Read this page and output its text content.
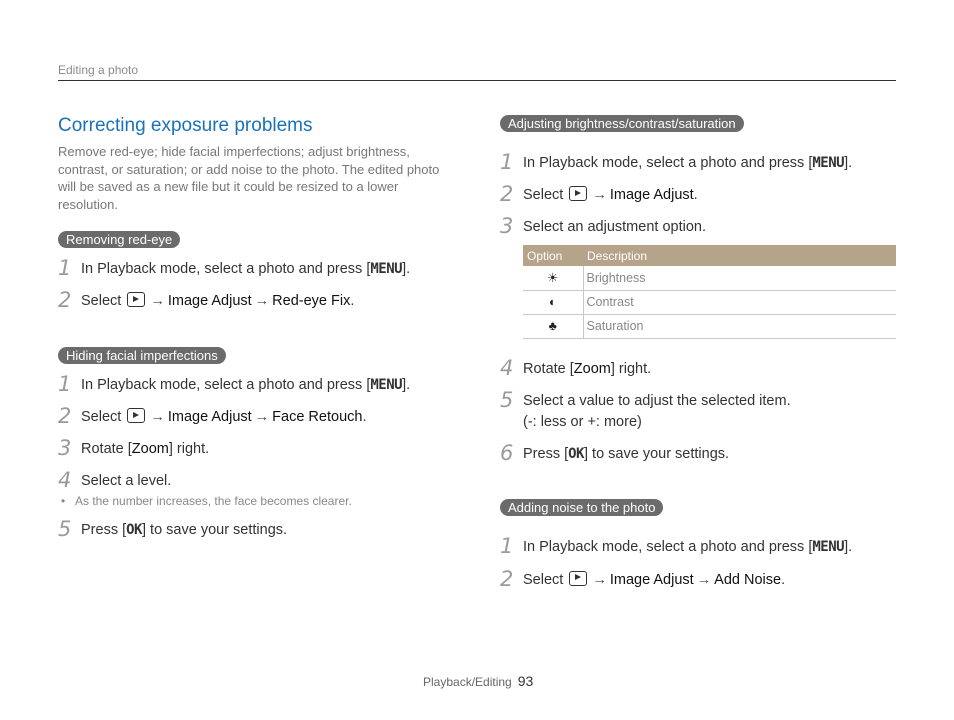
Editing a photo
Correcting exposure problems
Remove red-eye; hide facial imperfections; adjust brightness, contrast, or saturation; or add noise to the photo. The edited photo will be saved as a new file but it could be resized to a lower resolution.
Removing red-eye
1 In Playback mode, select a photo and press [MENU].
2 Select → Image Adjust → Red-eye Fix.
Hiding facial imperfections
1 In Playback mode, select a photo and press [MENU].
2 Select → Image Adjust → Face Retouch.
3 Rotate [Zoom] right.
4 Select a level.
• As the number increases, the face becomes clearer.
5 Press [OK] to save your settings.
Adjusting brightness/contrast/saturation
1 In Playback mode, select a photo and press [MENU].
2 Select → Image Adjust.
3 Select an adjustment option.
Option	Description
☀	Brightness
◐	Contrast
♣	Saturation
4 Rotate [Zoom] right.
5 Select a value to adjust the selected item.
(-: less or +: more)
6 Press [OK] to save your settings.
Adding noise to the photo
1 In Playback mode, select a photo and press [MENU].
2 Select → Image Adjust → Add Noise.
Playback/Editing 93
